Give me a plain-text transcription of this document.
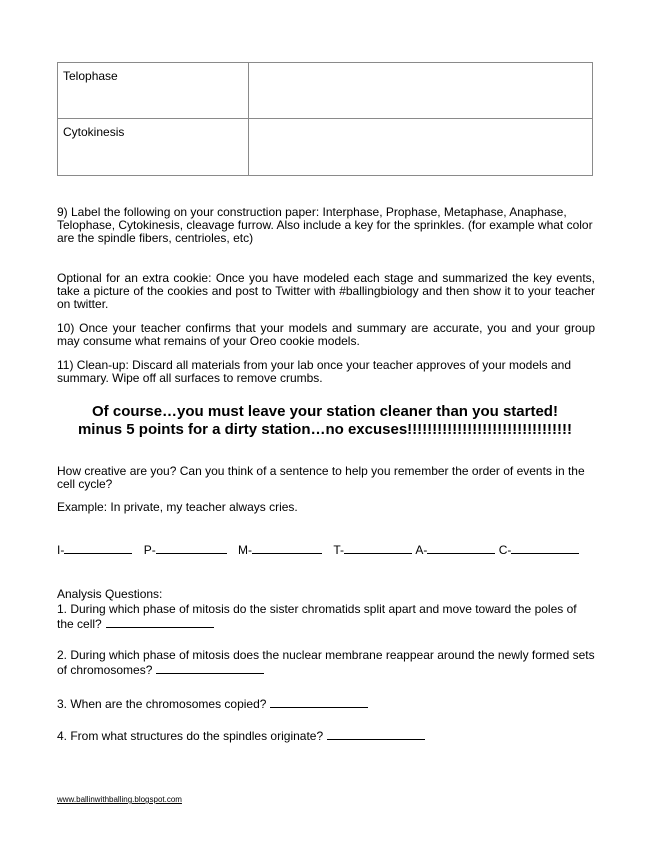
Telophase	
Cytokinesis	
9) Label the following on your construction paper: Interphase, Prophase, Metaphase, Anaphase, Telophase, Cytokinesis, cleavage furrow. Also include a key for the sprinkles. (for example what color are the spindle fibers, centrioles, etc)
Optional for an extra cookie: Once you have modeled each stage and summarized the key events, take a picture of the cookies and post to Twitter with #ballingbiology and then show it to your teacher on twitter.
10) Once your teacher confirms that your models and summary are accurate, you and your group may consume what remains of your Oreo cookie models.
11) Clean-up: Discard all materials from your lab once your teacher approves of your models and summary. Wipe off all surfaces to remove crumbs.
Of course…you must leave your station cleaner than you started!
minus 5 points for a dirty station…no excuses!!!!!!!!!!!!!!!!!!!!!!!!!!!!!!!!!
How creative are you? Can you think of a sentence to help you remember the order of events in the cell cycle?
Example: In private, my teacher always cries.
I-	P-	M-	T-	A-	C-
Analysis Questions:
1. During which phase of mitosis do the sister chromatids split apart and move toward the poles of the cell?
2. During which phase of mitosis does the nuclear membrane reappear around the newly formed sets of chromosomes?
3. When are the chromosomes copied?
4. From what structures do the spindles originate?
www.ballinwithballing.blogspot.com
